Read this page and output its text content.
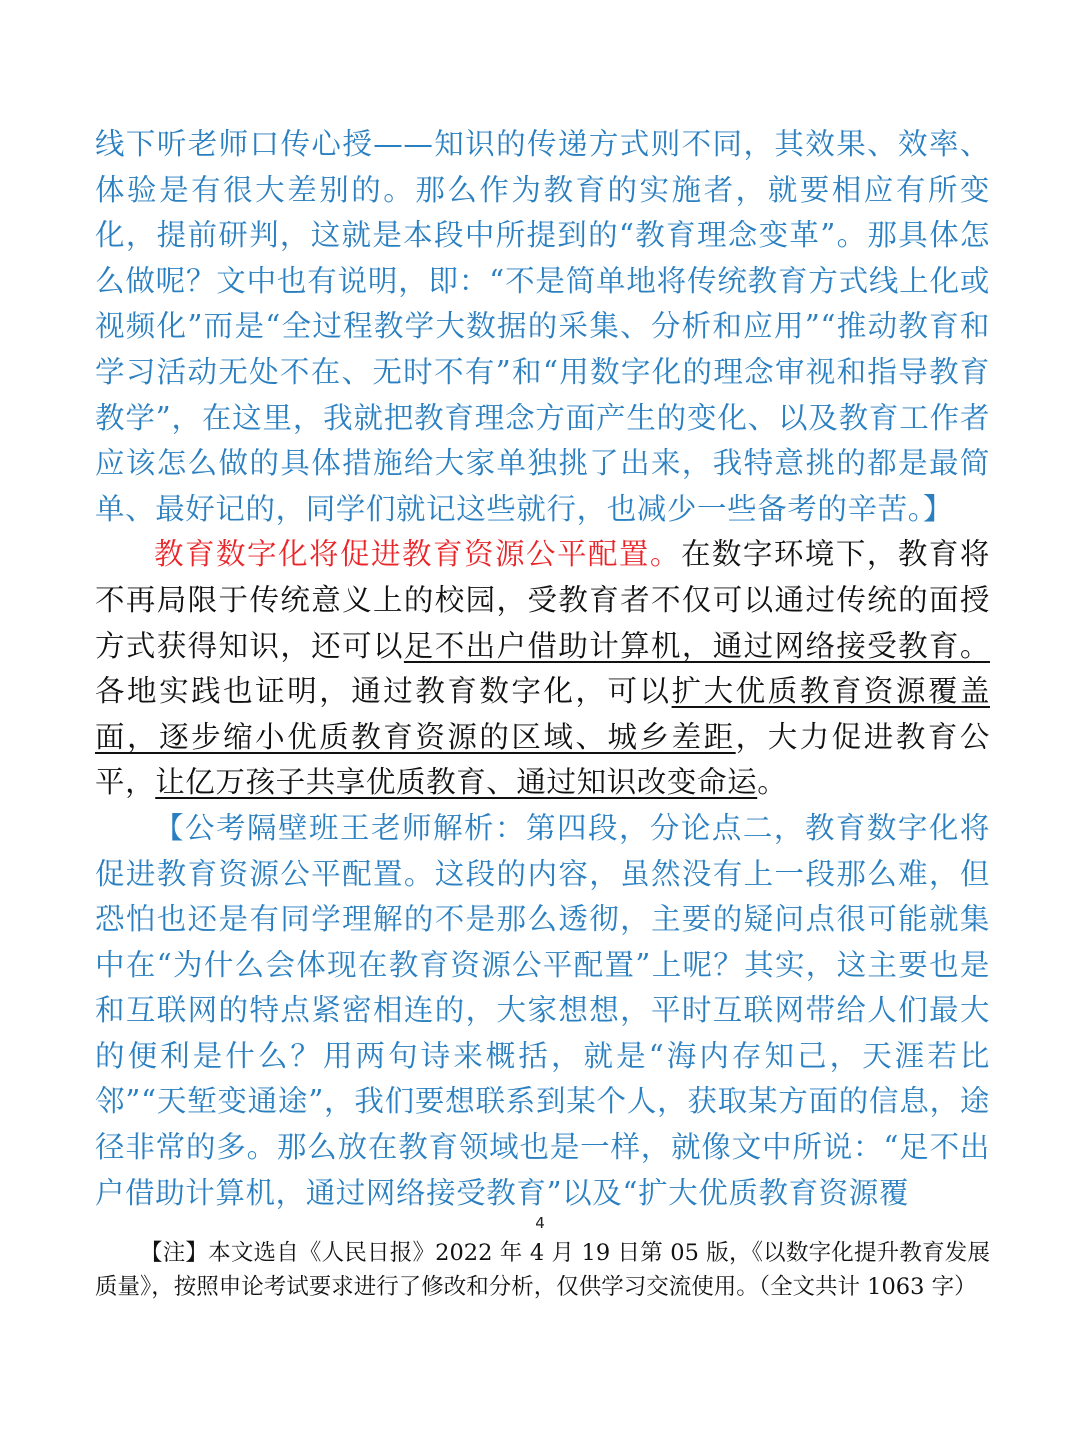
线下听老师口传心授——知识的传递方式则不同，其效果、效率、体验是有很大差别的。那么作为教育的实施者，就要相应有所变化，提前研判，这就是本段中所提到的“教育理念变革”。那具体怎么做呢？文中也有说明，即：“不是简单地将传统教育方式线上化或视频化”而是“全过程教学大数据的采集、分析和应用”“推动教育和学习活动无处不在、无时不有”和“用数字化的理念审视和指导教育教学”，在这里，我就把教育理念方面产生的变化、以及教育工作者应该怎么做的具体措施给大家单独挑了出来，我特意挑的都是最简单、最好记的，同学们就记这些就行，也减少一些备考的辛苦。】

教育数字化将促进教育资源公平配置。在数字环境下，教育将不再局限于传统意义上的校园，受教育者不仅可以通过传统的面授方式获得知识，还可以足不出户借助计算机，通过网络接受教育。各地实践也证明，通过教育数字化，可以扩大优质教育资源覆盖面，逐步缩小优质教育资源的区域、城乡差距，大力促进教育公平，让亿万孩子共享优质教育、通过知识改变命运。

【公考隔壁班王老师解析：第四段，分论点二，教育数字化将促进教育资源公平配置。这段的内容，虽然没有上一段那么难，但恐怕也还是有同学理解的不是那么透彻，主要的疑问点很可能就集中在“为什么会体现在教育资源公平配置”上呢？其实，这主要也是和互联网的特点紧密相连的，大家想想，平时互联网带给人们最大的便利是什么？用两句诗来概括，就是“海内存知己，天涯若比邻”“天堑变通途”，我们要想联系到某个人，获取某方面的信息，途径非常的多。那么放在教育领域也是一样，就像文中所说：“足不出户借助计算机，通过网络接受教育”以及“扩大优质教育资源覆

4

【注】本文选自《人民日报》2022 年 4 月 19 日第 05 版，《以数字化提升教育发展质量》，按照申论考试要求进行了修改和分析，仅供学习交流使用。（全文共计 1063 字）
